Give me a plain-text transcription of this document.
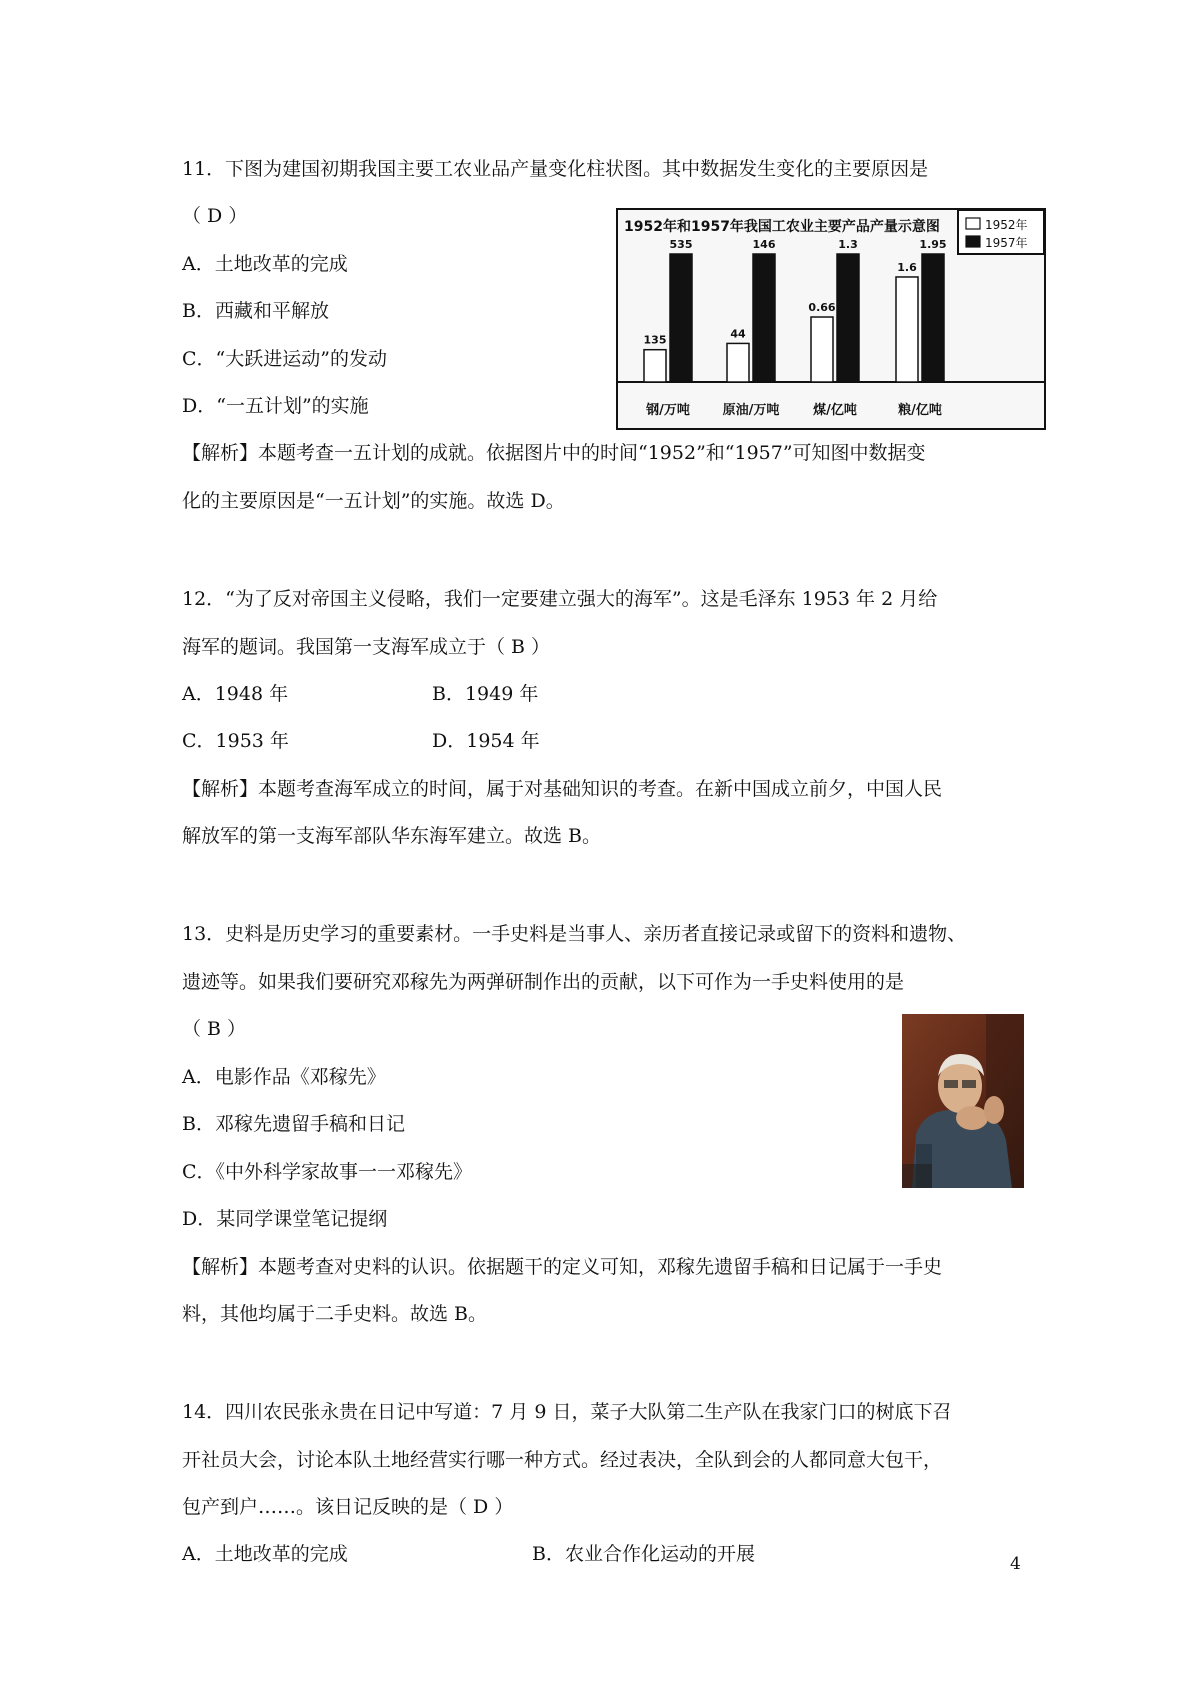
11．下图为建国初期我国主要工农业品产量变化柱状图。其中数据发生变化的主要原因是
（ D ）
A．土地改革的完成
B．西藏和平解放
C．“大跃进运动”的发动
D．“一五计划”的实施
【解析】本题考查一五计划的成就。依据图片中的时间“1952”和“1957”可知图中数据变
化的主要原因是“一五计划”的实施。故选 D。
1952年和1957年我国工农业主要产品产量示意图	1952年
1957年
135
535
钢/万吨
44
146
原油/万吨
0.66
1.3
煤/亿吨
1.6
1.95
粮/亿吨
12．“为了反对帝国主义侵略，我们一定要建立强大的海军”。这是毛泽东 1953 年 2 月给
海军的题词。我国第一支海军成立于（ B ）
A．1948 年	B．1949 年
C．1953 年	D．1954 年
【解析】本题考查海军成立的时间，属于对基础知识的考查。在新中国成立前夕，中国人民
解放军的第一支海军部队华东海军建立。故选 B。
13．史料是历史学习的重要素材。一手史料是当事人、亲历者直接记录或留下的资料和遗物、
遗迹等。如果我们要研究邓稼先为两弹研制作出的贡献，以下可作为一手史料使用的是
（ B ）
A．电影作品《邓稼先》
B．邓稼先遗留手稿和日记
C．《中外科学家故事一一邓稼先》
D．某同学课堂笔记提纲
【解析】本题考查对史料的认识。依据题干的定义可知，邓稼先遗留手稿和日记属于一手史
料，其他均属于二手史料。故选 B。
14．四川农民张永贵在日记中写道：7 月 9 日，菜子大队第二生产队在我家门口的树底下召
开社员大会，讨论本队土地经营实行哪一种方式。经过表决，全队到会的人都同意大包干，
包产到户……。该日记反映的是（ D ）
A．土地改革的完成	B．农业合作化运动的开展	4
